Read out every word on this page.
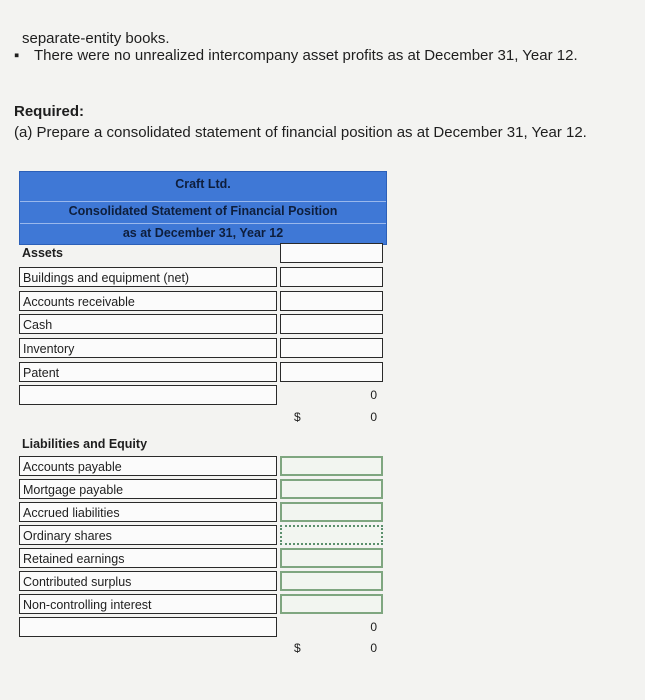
separate-entity books.
▪ There were no unrealized intercompany asset profits as at December 31, Year 12.
Required:
(a) Prepare a consolidated statement of financial position as at December 31, Year 12.
Craft Ltd.
Consolidated Statement of Financial Position
as at December 31, Year 12
Assets
Buildings and equipment (net)
Accounts receivable
Cash
Inventory
Patent
0
$	0
Liabilities and Equity
Accounts payable
Mortgage payable
Accrued liabilities
Ordinary shares
Retained earnings
Contributed surplus
Non-controlling interest
0
$	0
